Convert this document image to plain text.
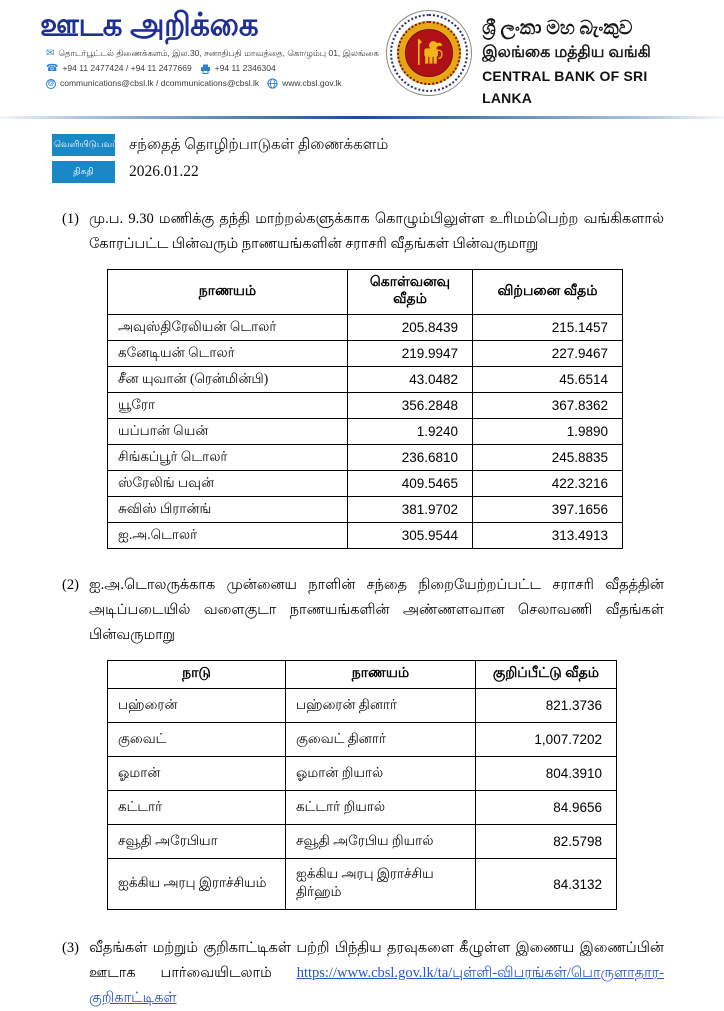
ஊடக அறிக்கை
✉ தொடர்பூட்டல் திணைக்களம், இல.30, சனாதிபதி மாவத்தை, கொழும்பு 01, இலங்கை
☎ +94 11 2477424 / +94 11 2477669	+94 11 2346304
@ communications@cbsl.lk / dcommunications@cbsl.lk	www.cbsl.gov.lk
ශ්‍රී ලංකා මහ බැංකුව
இலங்கை மத்திய வங்கி
CENTRAL BANK OF SRI LANKA
வெளியிடுபவர் சந்தைத் தொழிற்பாடுகள் திணைக்களம்
திகதி	2026.01.22
(1) மு.ப. 9.30 மணிக்கு தந்தி மாற்றல்களுக்காக கொழும்பிலுள்ள உரிமம்பெற்ற வங்கிகளால் கோரப்பட்ட பின்வரும் நாணயங்களின் சராசரி வீதங்கள் பின்வருமாறு
நாணயம்	கொள்வனவு வீதம்	விற்பனை வீதம்
அவுஸ்திரேலியன் டொலர்	205.8439	215.1457
கனேடியன் டொலர்	219.9947	227.9467
சீன யுவான் (ரென்மின்பி)	43.0482	45.6514
யூரோ	356.2848	367.8362
யப்பான் யென்	1.9240	1.9890
சிங்கப்பூர் டொலர்	236.6810	245.8835
ஸ்ரேலிங் பவுன்	409.5465	422.3216
சுவிஸ் பிரான்ங்	381.9702	397.1656
ஐ.அ.டொலர்	305.9544	313.4913
(2) ஐ.அ.டொலருக்காக முன்னைய நாளின் சந்தை நிறையேற்றப்பட்ட சராசரி வீதத்தின் அடிப்படையில் வளைகுடா நாணயங்களின் அண்ணளவான செலாவணி வீதங்கள் பின்வருமாறு
நாடு	நாணயம்	குறிப்பீட்டு வீதம்
பஹ்ரைன்	பஹ்ரைன் தினார்	821.3736
குவைட்	குவைட் தினார்	1,007.7202
ஓமான்	ஓமான் றியால்	804.3910
கட்டார்	கட்டார் றியால்	84.9656
சவூதி அரேபியா	சவூதி அரேபிய றியால்	82.5798
ஐக்கிய அரபு இராச்சியம்	ஐக்கிய அரபு இராச்சிய திர்ஹம்	84.3132
(3) வீதங்கள் மற்றும் குறிகாட்டிகள் பற்றி பிந்திய தரவுகளை கீழுள்ள இணைய இணைப்பின் ஊடாக பார்வையிடலாம் https://www.cbsl.gov.lk/ta/புள்ளி-விபரங்கள்/பொருளாதார-குறிகாட்டிகள்
